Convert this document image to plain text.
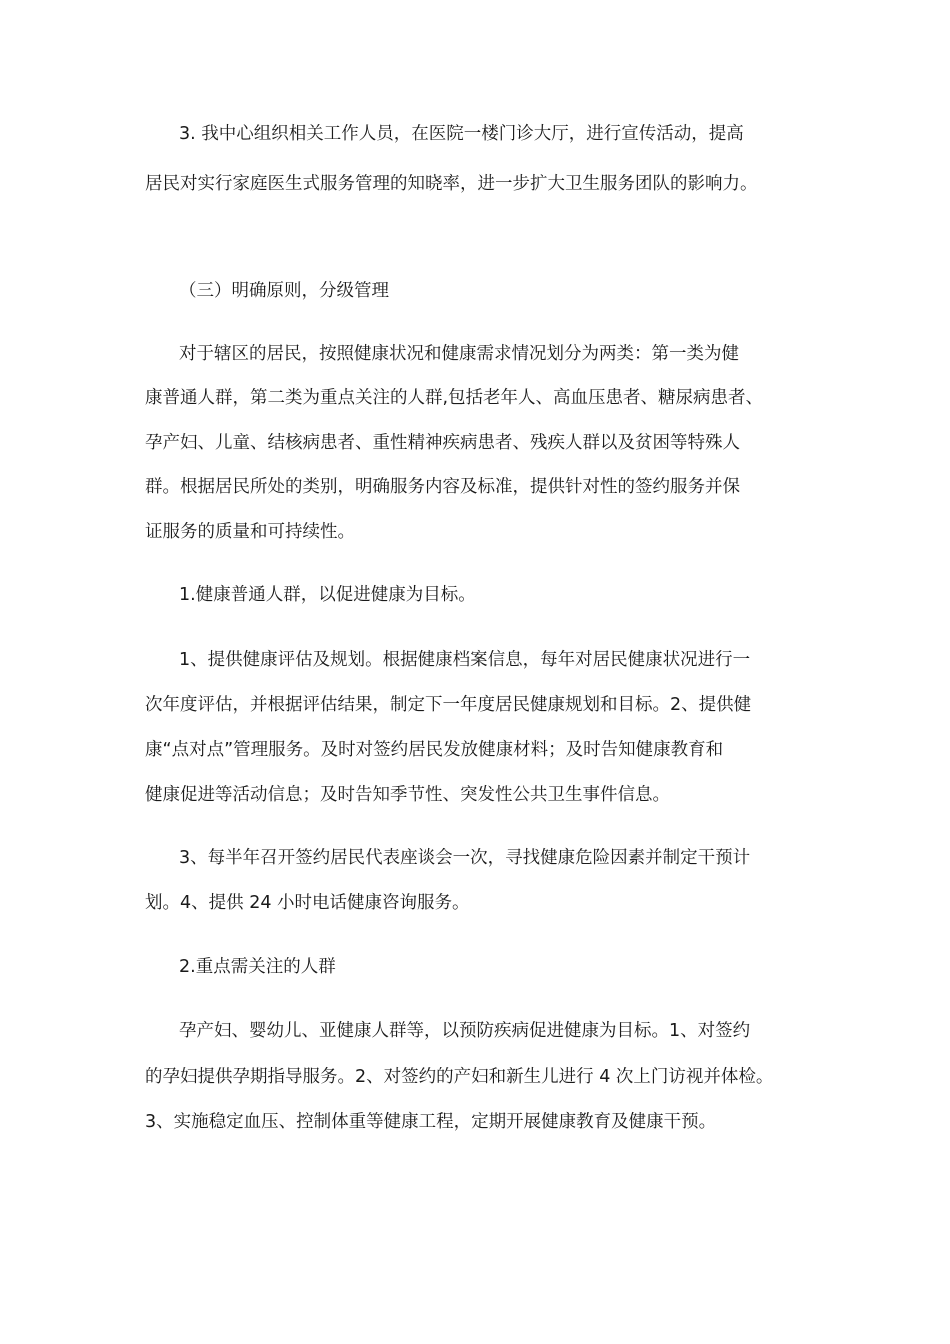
3. 我中心组织相关工作人员，在医院一楼门诊大厅，进行宣传活动，提高
居民对实行家庭医生式服务管理的知晓率，进一步扩大卫生服务团队的影响力。
（三）明确原则，分级管理
对于辖区的居民，按照健康状况和健康需求情况划分为两类：第一类为健
康普通人群，第二类为重点关注的人群,包括老年人、高血压患者、糖尿病患者、
孕产妇、儿童、结核病患者、重性精神疾病患者、残疾人群以及贫困等特殊人
群。根据居民所处的类别，明确服务内容及标准，提供针对性的签约服务并保
证服务的质量和可持续性。
1.健康普通人群，以促进健康为目标。
1、提供健康评估及规划。根据健康档案信息，每年对居民健康状况进行一
次年度评估，并根据评估结果，制定下一年度居民健康规划和目标。2、提供健
康“点对点”管理服务。及时对签约居民发放健康材料；及时告知健康教育和
健康促进等活动信息；及时告知季节性、突发性公共卫生事件信息。
3、每半年召开签约居民代表座谈会一次，寻找健康危险因素并制定干预计
划。4、提供 24 小时电话健康咨询服务。
2.重点需关注的人群
孕产妇、婴幼儿、亚健康人群等，以预防疾病促进健康为目标。1、对签约
的孕妇提供孕期指导服务。2、对签约的产妇和新生儿进行 4 次上门访视并体检。
3、实施稳定血压、控制体重等健康工程，定期开展健康教育及健康干预。
